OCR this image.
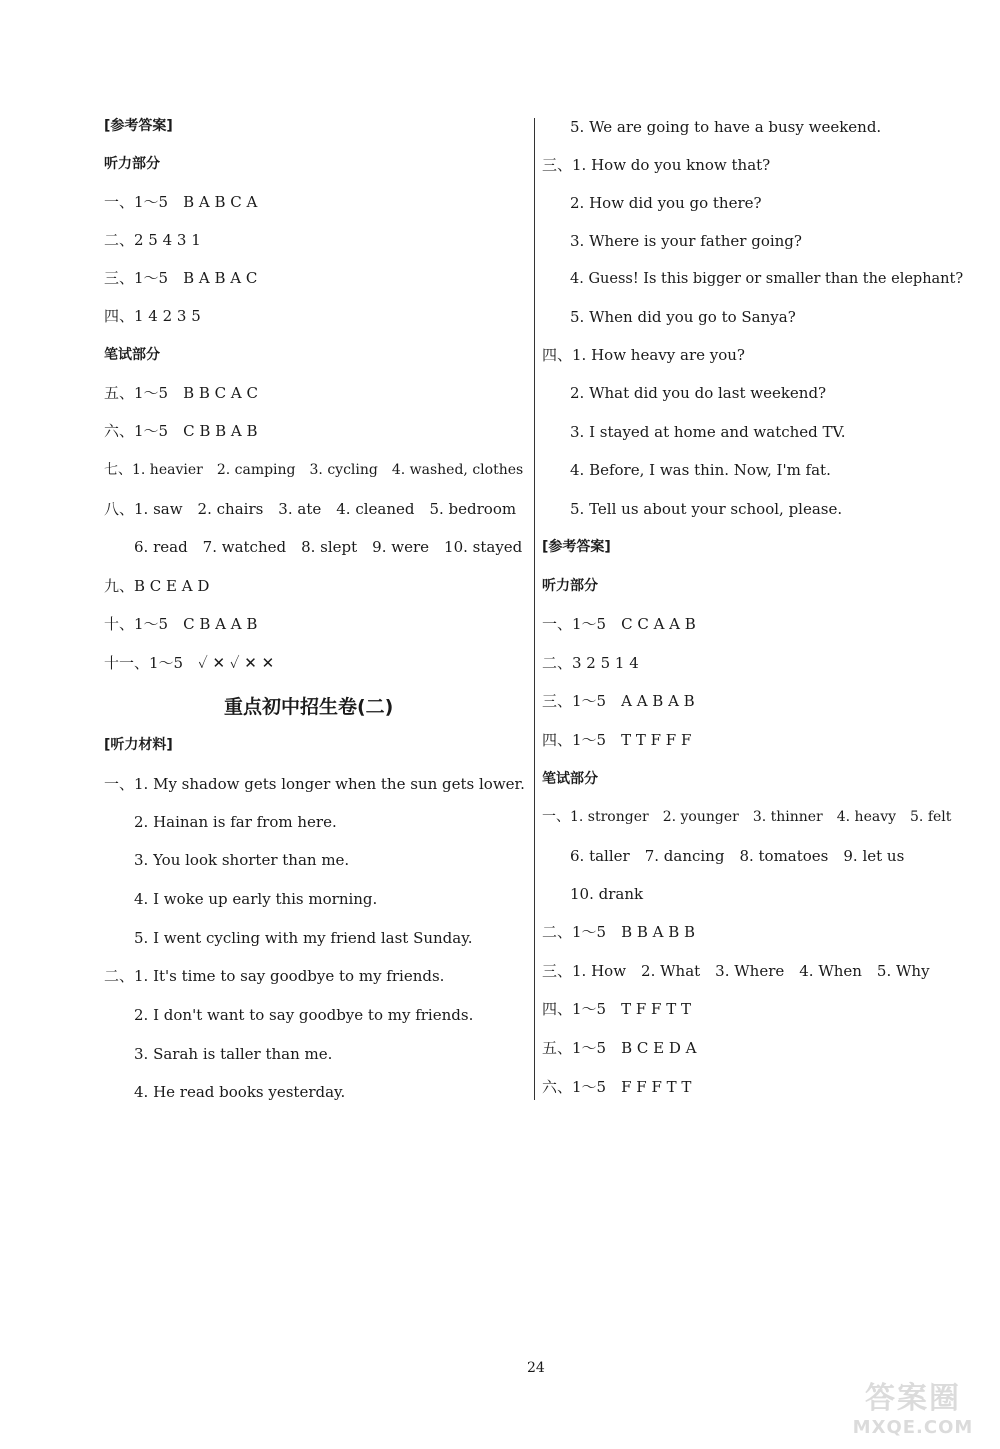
[参考答案]
听力部分
一、1～5　B A B C A
二、2 5 4 3 1
三、1～5　B A B A C
四、1 4 2 3 5
笔试部分
五、1～5　B B C A C
六、1～5　C B B A B
七、1. heavier　2. camping　3. cycling　4. washed, clothes
八、1. saw　2. chairs　3. ate　4. cleaned　5. bedroom
6. read　7. watched　8. slept　9. were　10. stayed
九、B C E A D
十、1～5　C B A A B
十一、1～5　✓ ✕ ✓ ✕ ✕
重点初中招生卷(二)
[听力材料]
一、1. My shadow gets longer when the sun gets lower.
2. Hainan is far from here.
3. You look shorter than me.
4. I woke up early this morning.
5. I went cycling with my friend last Sunday.
二、1. It's time to say goodbye to my friends.
2. I don't want to say goodbye to my friends.
3. Sarah is taller than me.
4. He read books yesterday.
5. We are going to have a busy weekend.
三、1. How do you know that?
2. How did you go there?
3. Where is your father going?
4. Guess! Is this bigger or smaller than the elephant?
5. When did you go to Sanya?
四、1. How heavy are you?
2. What did you do last weekend?
3. I stayed at home and watched TV.
4. Before, I was thin. Now, I'm fat.
5. Tell us about your school, please.
[参考答案]
听力部分
一、1～5　C C A A B
二、3 2 5 1 4
三、1～5　A A B A B
四、1～5　T T F F F
笔试部分
一、1. stronger　2. younger　3. thinner　4. heavy　5. felt
6. taller　7. dancing　8. tomatoes　9. let us
10. drank
二、1～5　B B A B B
三、1. How　2. What　3. Where　4. When　5. Why
四、1～5　T F F T T
五、1～5　B C E D A
六、1～5　F F F T T
24
答案圈
MXQE.COM
